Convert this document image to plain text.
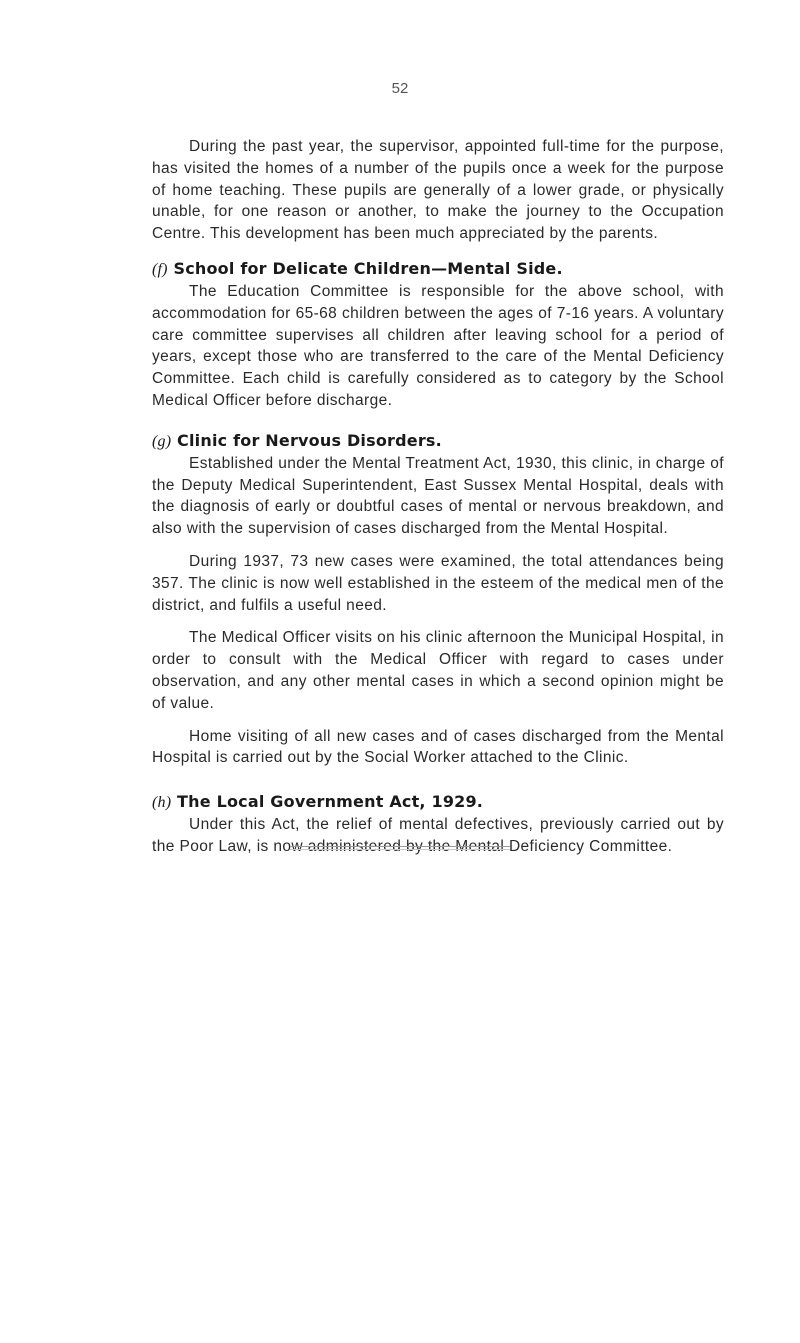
52

During the past year, the supervisor, appointed full-time for the purpose, has visited the homes of a number of the pupils once a week for the purpose of home teaching. These pupils are generally of a lower grade, or physically unable, for one reason or another, to make the journey to the Occupation Centre. This development has been much appreciated by the parents.

(f) School for Delicate Children—Mental Side.

The Education Committee is responsible for the above school, with accommodation for 65-68 children between the ages of 7-16 years. A voluntary care committee supervises all children after leaving school for a period of years, except those who are transferred to the care of the Mental Deficiency Committee. Each child is carefully considered as to category by the School Medical Officer before discharge.

(g) Clinic for Nervous Disorders.

Established under the Mental Treatment Act, 1930, this clinic, in charge of the Deputy Medical Superintendent, East Sussex Mental Hospital, deals with the diagnosis of early or doubtful cases of mental or nervous breakdown, and also with the supervision of cases discharged from the Mental Hospital.

During 1937, 73 new cases were examined, the total attendances being 357. The clinic is now well established in the esteem of the medical men of the district, and fulfils a useful need.

The Medical Officer visits on his clinic afternoon the Municipal Hospital, in order to consult with the Medical Officer with regard to cases under observation, and any other mental cases in which a second opinion might be of value.

Home visiting of all new cases and of cases discharged from the Mental Hospital is carried out by the Social Worker attached to the Clinic.

(h) The Local Government Act, 1929.

Under this Act, the relief of mental defectives, previously carried out by the Poor Law, is now administered by the Mental Deficiency Committee.
